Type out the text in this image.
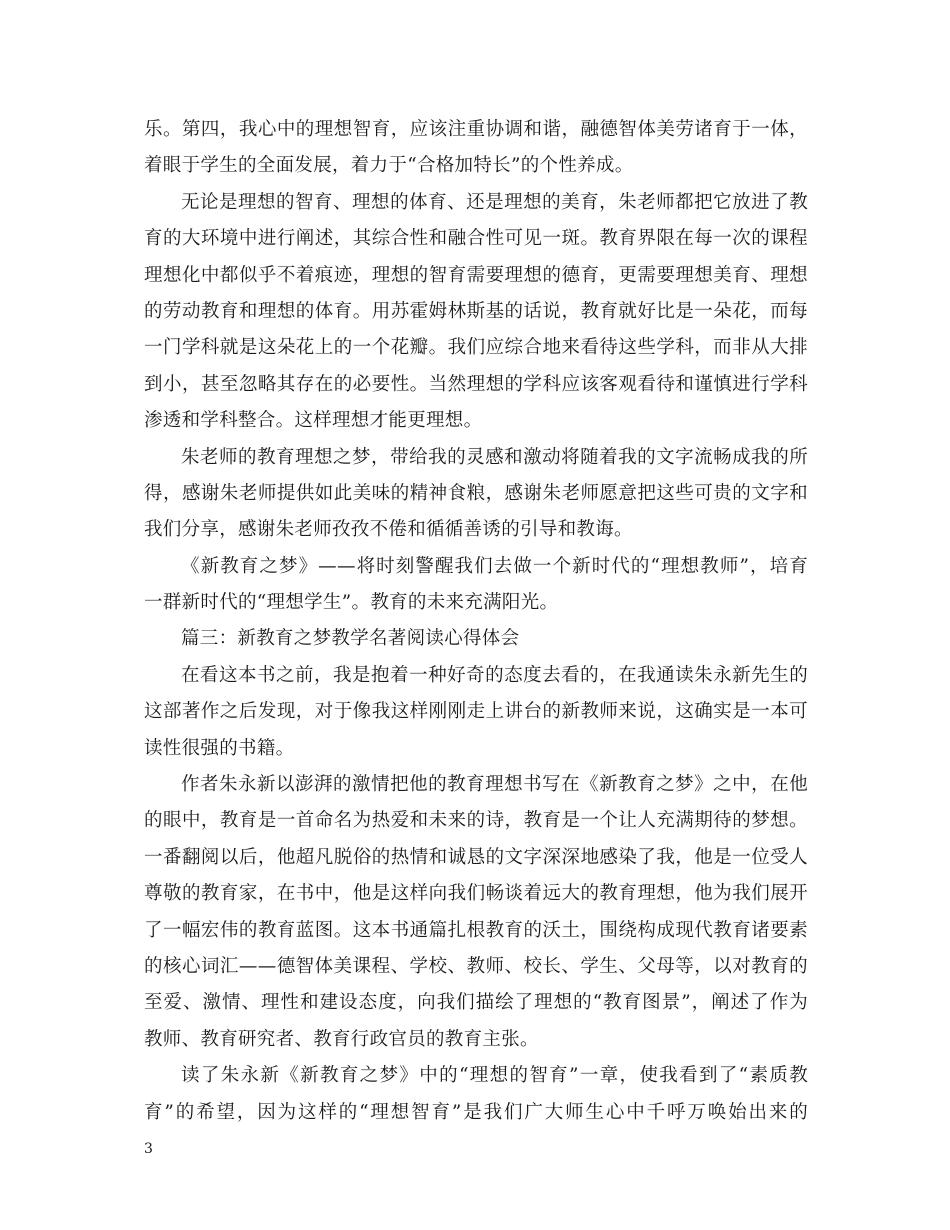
乐。第四，我心中的理想智育，应该注重协调和谐，融德智体美劳诸育于一体，
着眼于学生的全面发展，着力于“合格加特长”的个性养成。
无论是理想的智育、理想的体育、还是理想的美育，朱老师都把它放进了教
育的大环境中进行阐述，其综合性和融合性可见一斑。教育界限在每一次的课程
理想化中都似乎不着痕迹，理想的智育需要理想的德育，更需要理想美育、理想
的劳动教育和理想的体育。用苏霍姆林斯基的话说，教育就好比是一朵花，而每
一门学科就是这朵花上的一个花瓣。我们应综合地来看待这些学科，而非从大排
到小，甚至忽略其存在的必要性。当然理想的学科应该客观看待和谨慎进行学科
渗透和学科整合。这样理想才能更理想。
朱老师的教育理想之梦，带给我的灵感和激动将随着我的文字流畅成我的所
得，感谢朱老师提供如此美味的精神食粮，感谢朱老师愿意把这些可贵的文字和
我们分享，感谢朱老师孜孜不倦和循循善诱的引导和教诲。
《新教育之梦》——将时刻警醒我们去做一个新时代的“理想教师”，培育
一群新时代的“理想学生”。教育的未来充满阳光。
篇三：新教育之梦教学名著阅读心得体会
在看这本书之前，我是抱着一种好奇的态度去看的，在我通读朱永新先生的
这部著作之后发现，对于像我这样刚刚走上讲台的新教师来说，这确实是一本可
读性很强的书籍。
作者朱永新以澎湃的激情把他的教育理想书写在《新教育之梦》之中，在他
的眼中，教育是一首命名为热爱和未来的诗，教育是一个让人充满期待的梦想。
一番翻阅以后，他超凡脱俗的热情和诚恳的文字深深地感染了我，他是一位受人
尊敬的教育家，在书中，他是这样向我们畅谈着远大的教育理想，他为我们展开
了一幅宏伟的教育蓝图。这本书通篇扎根教育的沃土，围绕构成现代教育诸要素
的核心词汇——德智体美课程、学校、教师、校长、学生、父母等，以对教育的
至爱、激情、理性和建设态度，向我们描绘了理想的“教育图景”，阐述了作为
教师、教育研究者、教育行政官员的教育主张。
读了朱永新《新教育之梦》中的“理想的智育”一章，使我看到了“素质教
育”的希望，因为这样的“理想智育”是我们广大师生心中千呼万唤始出来的
3
